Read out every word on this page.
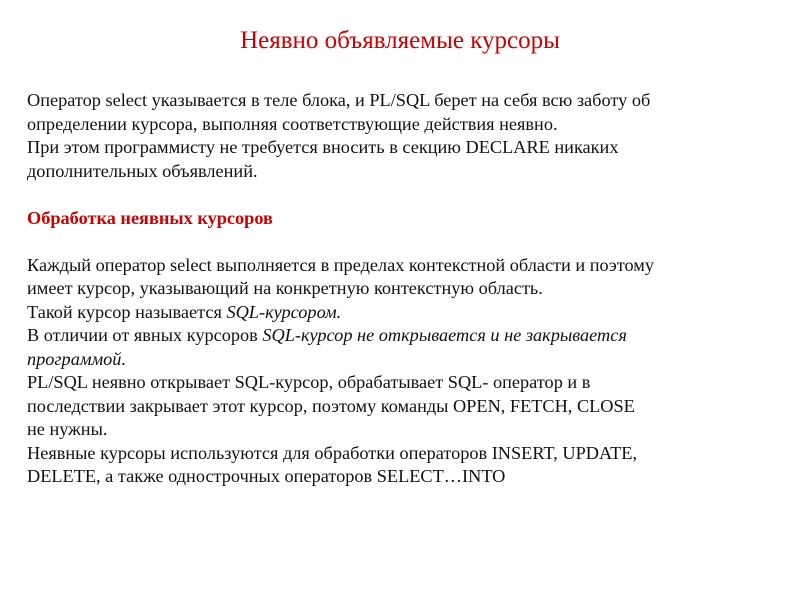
Неявно объявляемые курсоры
Оператор select указывается в теле блока, и PL/SQL берет на себя всю заботу об
определении курсора, выполняя соответствующие действия неявно.
При этом программисту не требуется вносить в секцию DECLARE никаких
дополнительных объявлений.
Обработка неявных курсоров
Каждый оператор select выполняется в пределах контекстной области и поэтому
имеет курсор, указывающий на конкретную контекстную область.
Такой курсор называется SQL-курсором.
В отличии от явных курсоров SQL-курсор не открывается и не закрывается
программой.
PL/SQL неявно открывает SQL-курсор, обрабатывает SQL- оператор и в
последствии закрывает этот курсор, поэтому команды OPEN, FETCH, CLOSE
не нужны.
Неявные курсоры используются для обработки операторов INSERT, UPDATE,
DELETE, а также однострочных операторов SELECT…INTO
